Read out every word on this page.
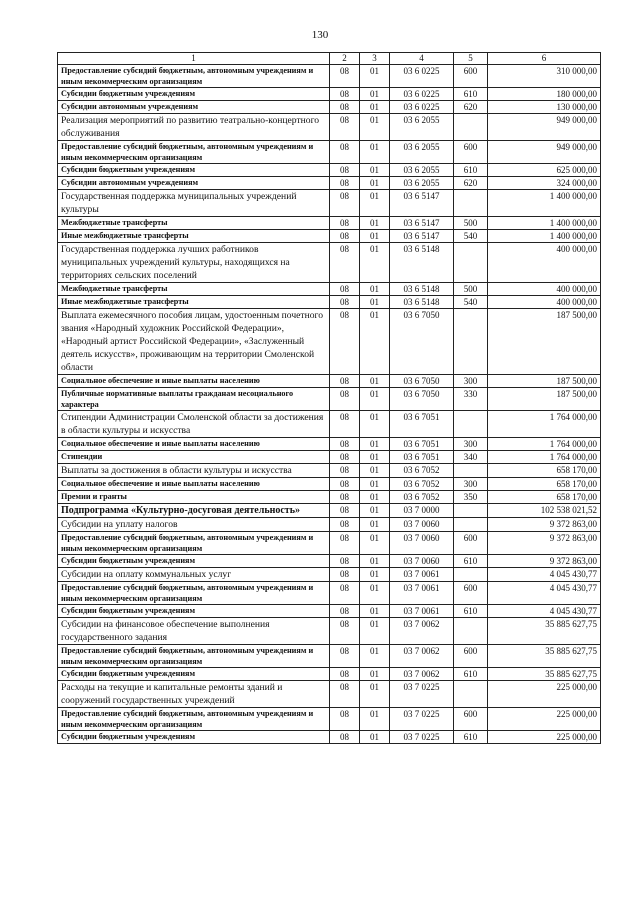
130
1	2	3	4	5	6
Предоставление субсидий бюджетным, автономным учреждениям и иным некоммерческим организациям	08	01	03 6 0225	600	310 000,00
Субсидии бюджетным учреждениям	08	01	03 6 0225	610	180 000,00
Субсидии автономным учреждениям	08	01	03 6 0225	620	130 000,00
Реализация мероприятий по развитию театрально-концертного обслуживания	08	01	03 6 2055		949 000,00
Предоставление субсидий бюджетным, автономным учреждениям и иным некоммерческим организациям	08	01	03 6 2055	600	949 000,00
Субсидии бюджетным учреждениям	08	01	03 6 2055	610	625 000,00
Субсидии автономным учреждениям	08	01	03 6 2055	620	324 000,00
Государственная поддержка муниципальных учреждений культуры	08	01	03 6 5147		1 400 000,00
Межбюджетные трансферты	08	01	03 6 5147	500	1 400 000,00
Иные межбюджетные трансферты	08	01	03 6 5147	540	1 400 000,00
Государственная поддержка лучших работников муниципальных учреждений культуры, находящихся на территориях сельских поселений	08	01	03 6 5148		400 000,00
Межбюджетные трансферты	08	01	03 6 5148	500	400 000,00
Иные межбюджетные трансферты	08	01	03 6 5148	540	400 000,00
Выплата ежемесячного пособия лицам, удостоенным почетного звания «Народный художник Российской Федерации», «Народный артист Российской Федерации», «Заслуженный деятель искусств», проживающим на территории Смоленской области	08	01	03 6 7050		187 500,00
Социальное обеспечение и иные выплаты населению	08	01	03 6 7050	300	187 500,00
Публичные нормативные выплаты гражданам несоциального характера	08	01	03 6 7050	330	187 500,00
Стипендии Администрации Смоленской области за достижения в области культуры и искусства	08	01	03 6 7051		1 764 000,00
Социальное обеспечение и иные выплаты населению	08	01	03 6 7051	300	1 764 000,00
Стипендии	08	01	03 6 7051	340	1 764 000,00
Выплаты за достижения в области культуры и искусства	08	01	03 6 7052		658 170,00
Социальное обеспечение и иные выплаты населению	08	01	03 6 7052	300	658 170,00
Премии и гранты	08	01	03 6 7052	350	658 170,00
Подпрограмма «Культурно-досуговая деятельность»	08	01	03 7 0000		102 538 021,52
Субсидии на уплату налогов	08	01	03 7 0060		9 372 863,00
Предоставление субсидий бюджетным, автономным учреждениям и иным некоммерческим организациям	08	01	03 7 0060	600	9 372 863,00
Субсидии бюджетным учреждениям	08	01	03 7 0060	610	9 372 863,00
Субсидии на оплату коммунальных услуг	08	01	03 7 0061		4 045 430,77
Предоставление субсидий бюджетным, автономным учреждениям и иным некоммерческим организациям	08	01	03 7 0061	600	4 045 430,77
Субсидии бюджетным учреждениям	08	01	03 7 0061	610	4 045 430,77
Субсидии на финансовое обеспечение выполнения государственного задания	08	01	03 7 0062		35 885 627,75
Предоставление субсидий бюджетным, автономным учреждениям и иным некоммерческим организациям	08	01	03 7 0062	600	35 885 627,75
Субсидии бюджетным учреждениям	08	01	03 7 0062	610	35 885 627,75
Расходы на текущие и капитальные ремонты зданий и сооружений государственных учреждений	08	01	03 7 0225		225 000,00
Предоставление субсидий бюджетным, автономным учреждениям и иным некоммерческим организациям	08	01	03 7 0225	600	225 000,00
Субсидии бюджетным учреждениям	08	01	03 7 0225	610	225 000,00
